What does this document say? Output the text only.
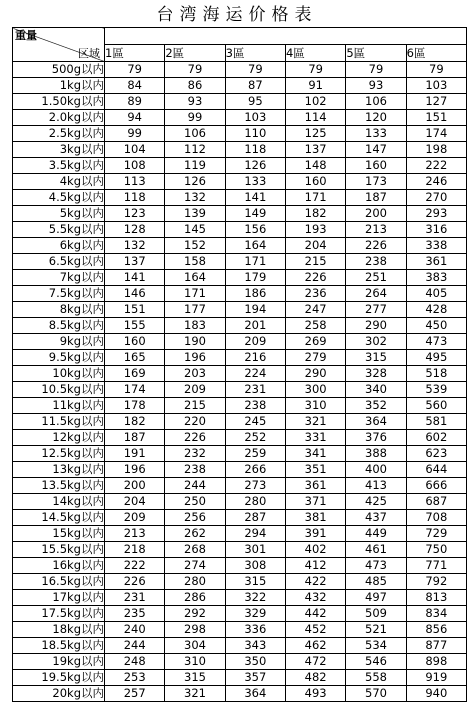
台湾海运价格表
重量
区域						

	1區	2區	3區	4區	5區	6區
500g以内	79	79	79	79	79	79
1kg以内	84	86	87	91	93	103
1.50kg以内	89	93	95	102	106	127
2.0kg以内	94	99	103	114	120	151
2.5kg以内	99	106	110	125	133	174
3kg以内	104	112	118	137	147	198
3.5kg以内	108	119	126	148	160	222
4kg以内	113	126	133	160	173	246
4.5kg以内	118	132	141	171	187	270
5kg以内	123	139	149	182	200	293
5.5kg以内	128	145	156	193	213	316
6kg以内	132	152	164	204	226	338
6.5kg以内	137	158	171	215	238	361
7kg以内	141	164	179	226	251	383
7.5kg以内	146	171	186	236	264	405
8kg以内	151	177	194	247	277	428
8.5kg以内	155	183	201	258	290	450
9kg以内	160	190	209	269	302	473
9.5kg以内	165	196	216	279	315	495
10kg以内	169	203	224	290	328	518
10.5kg以内	174	209	231	300	340	539
11kg以内	178	215	238	310	352	560
11.5kg以内	182	220	245	321	364	581
12kg以内	187	226	252	331	376	602
12.5kg以内	191	232	259	341	388	623
13kg以内	196	238	266	351	400	644
13.5kg以内	200	244	273	361	413	666
14kg以内	204	250	280	371	425	687
14.5kg以内	209	256	287	381	437	708
15kg以内	213	262	294	391	449	729
15.5kg以内	218	268	301	402	461	750
16kg以内	222	274	308	412	473	771
16.5kg以内	226	280	315	422	485	792
17kg以内	231	286	322	432	497	813
17.5kg以内	235	292	329	442	509	834
18kg以内	240	298	336	452	521	856
18.5kg以内	244	304	343	462	534	877
19kg以内	248	310	350	472	546	898
19.5kg以内	253	315	357	482	558	919
20kg以内	257	321	364	493	570	940
